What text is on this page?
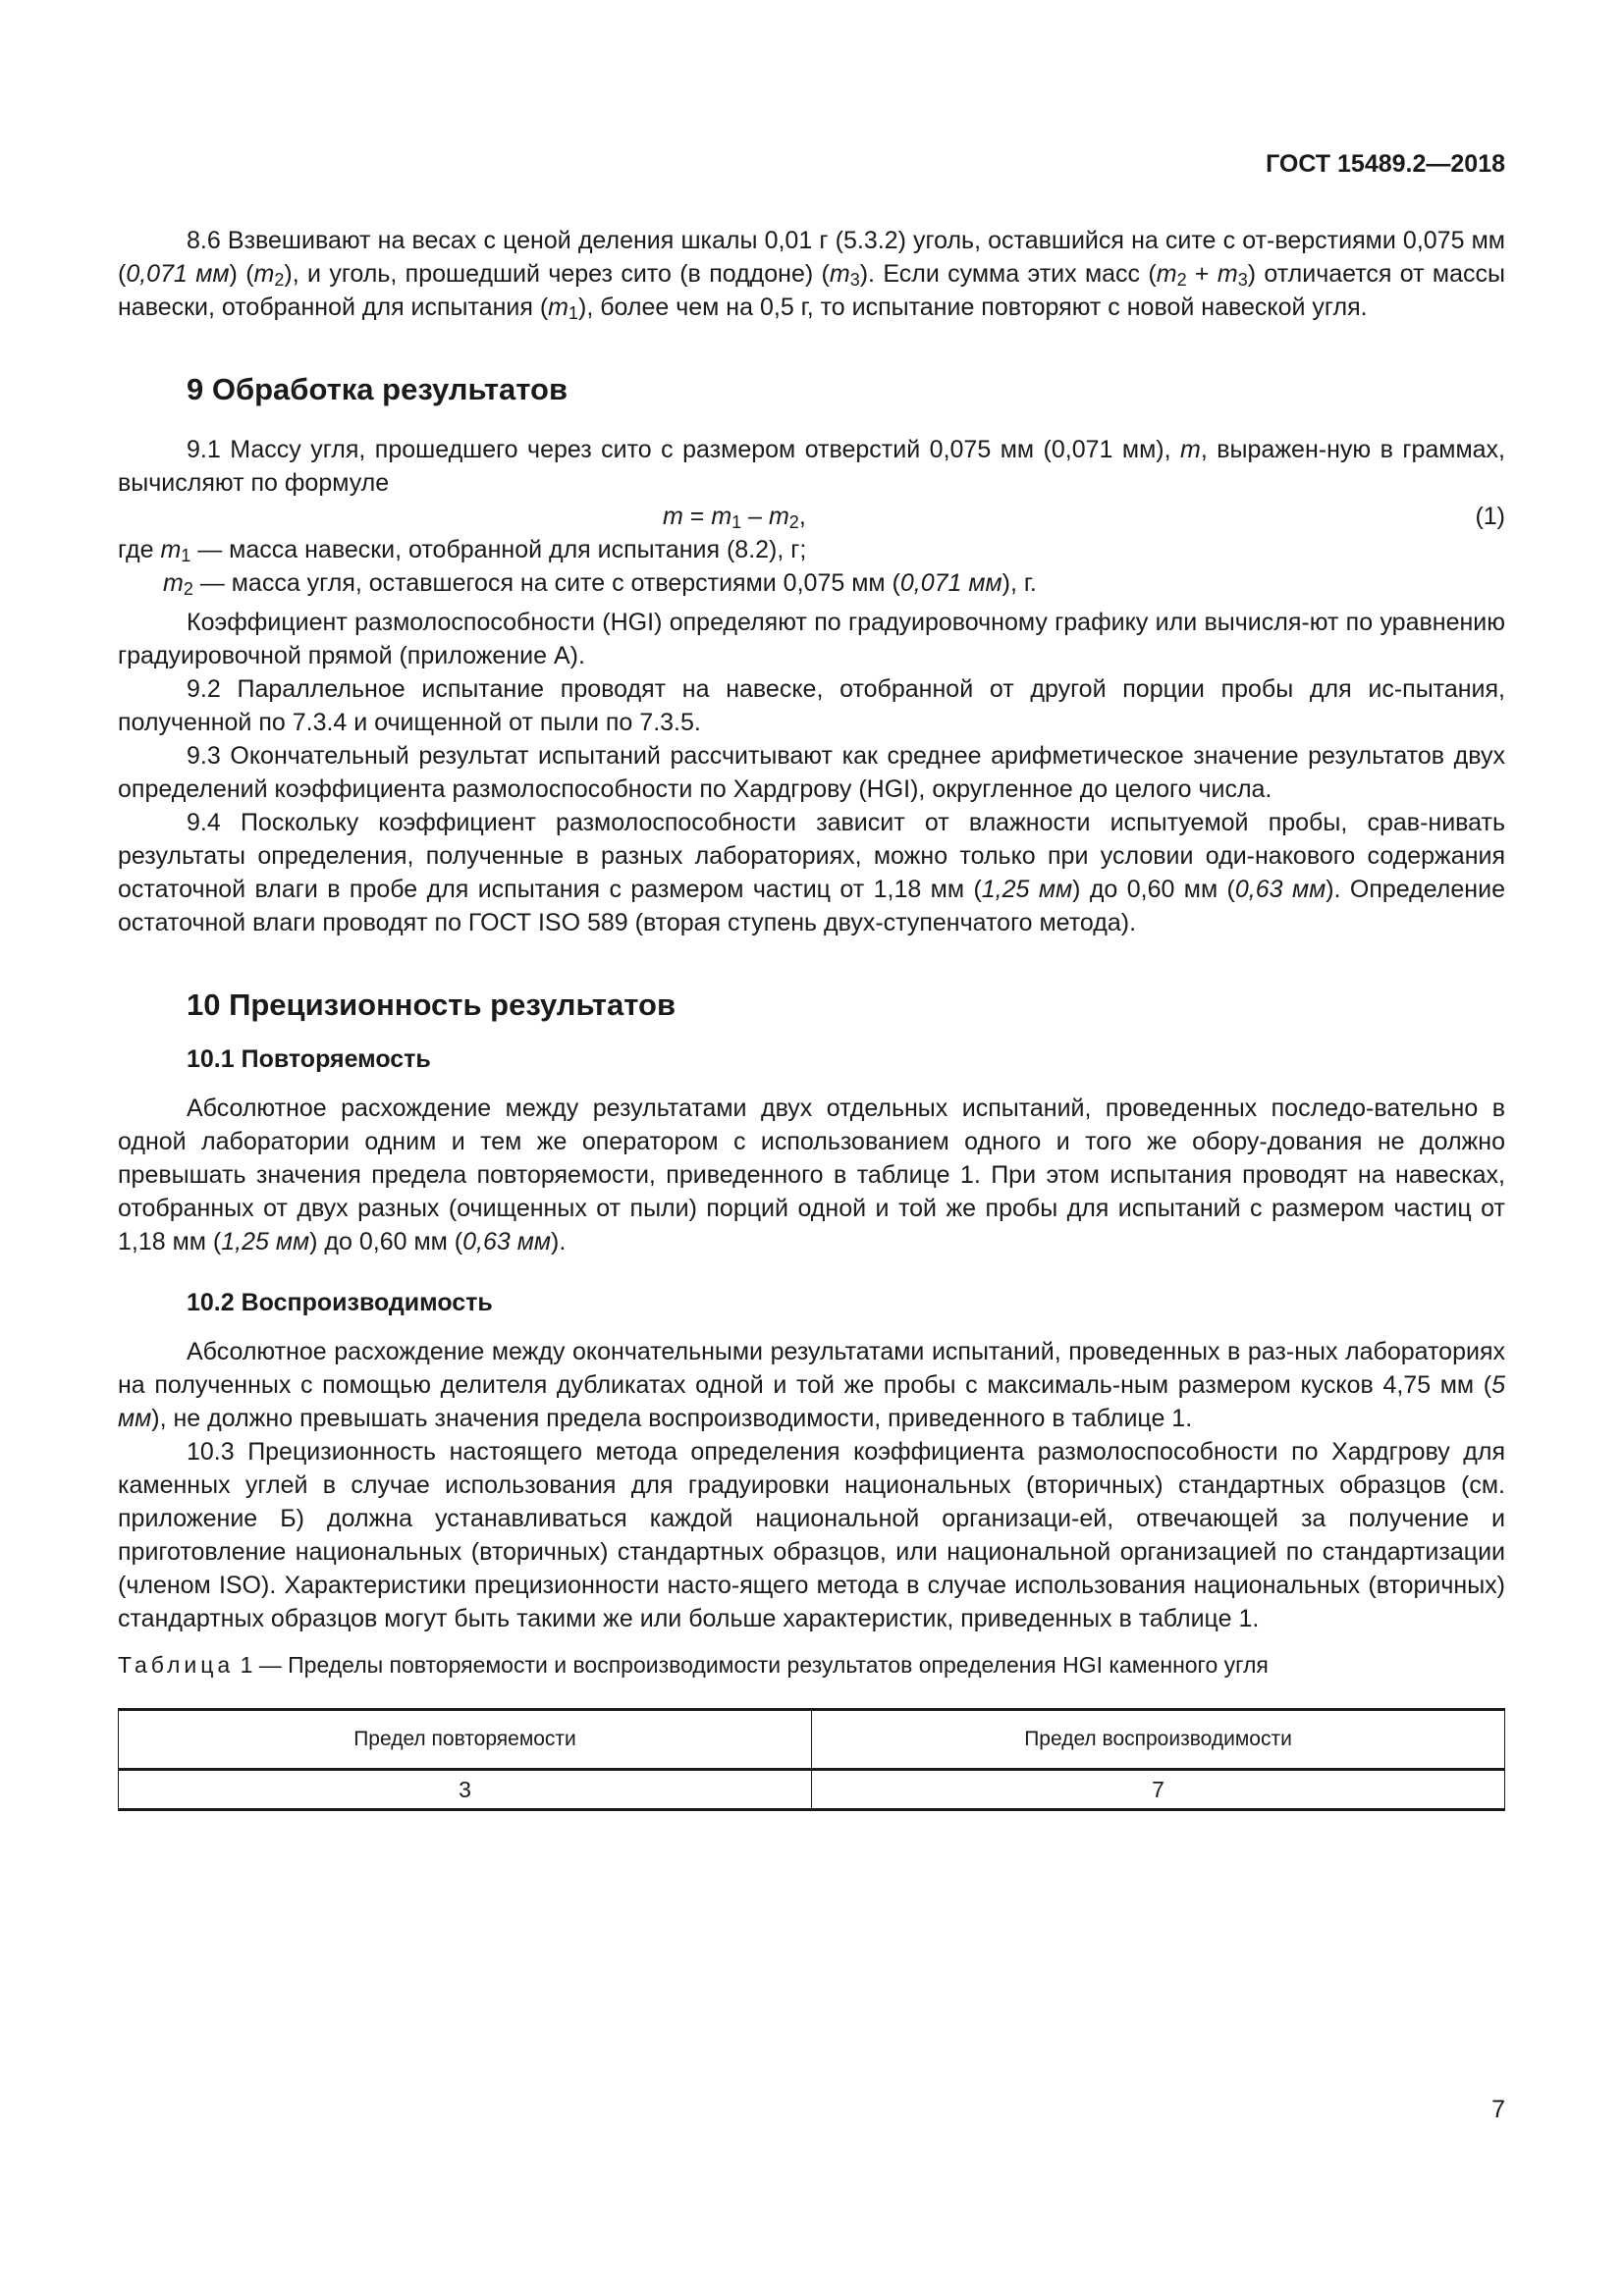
ГОСТ 15489.2—2018

8.6 Взвешивают на весах с ценой деления шкалы 0,01 г (5.3.2) уголь, оставшийся на сите с от-верстиями 0,075 мм (0,071 мм) $(m_2)$, и уголь, прошедший через сито (в поддоне) $(m_3)$. Если сумма этих масс $(m_2 + m_3)$ отличается от массы навески, отобранной для испытания $(m_1)$, более чем на 0,5 г, то испытание повторяют с новой навеской угля.

9 Обработка результатов

9.1 Массу угля, прошедшего через сито с размером отверстий 0,075 мм (0,071 мм), m, выражен-ную в граммах, вычисляют по формуле

$m = m_1 - m_2$,	(1)

где $m_1$ — масса навески, отобранной для испытания (8.2), г;

$m_2$ — масса угля, оставшегося на сите с отверстиями 0,075 мм (0,071 мм), г.

Коэффициент размолоспособности (HGI) определяют по градуировочному графику или вычисля-ют по уравнению градуировочной прямой (приложение А).

9.2 Параллельное испытание проводят на навеске, отобранной от другой порции пробы для ис-пытания, полученной по 7.3.4 и очищенной от пыли по 7.3.5.

9.3 Окончательный результат испытаний рассчитывают как среднее арифметическое значение результатов двух определений коэффициента размолоспособности по Хардгрову (HGI), округленное до целого числа.

9.4 Поскольку коэффициент размолоспособности зависит от влажности испытуемой пробы, срав-нивать результаты определения, полученные в разных лабораториях, можно только при условии оди-накового содержания остаточной влаги в пробе для испытания с размером частиц от 1,18 мм (1,25 мм) до 0,60 мм (0,63 мм). Определение остаточной влаги проводят по ГОСТ ISO 589 (вторая ступень двух-ступенчатого метода).

10 Прецизионность результатов
10.1 Повторяемость

Абсолютное расхождение между результатами двух отдельных испытаний, проведенных последо-вательно в одной лаборатории одним и тем же оператором с использованием одного и того же обору-дования не должно превышать значения предела повторяемости, приведенного в таблице 1. При этом испытания проводят на навесках, отобранных от двух разных (очищенных от пыли) порций одной и той же пробы для испытаний с размером частиц от 1,18 мм (1,25 мм) до 0,60 мм (0,63 мм).

10.2 Воспроизводимость

Абсолютное расхождение между окончательными результатами испытаний, проведенных в раз-ных лабораториях на полученных с помощью делителя дубликатах одной и той же пробы с максималь-ным размером кусков 4,75 мм (5 мм), не должно превышать значения предела воспроизводимости, приведенного в таблице 1.

10.3 Прецизионность настоящего метода определения коэффициента размолоспособности по Хардгрову для каменных углей в случае использования для градуировки национальных (вторичных) стандартных образцов (см. приложение Б) должна устанавливаться каждой национальной организаци-ей, отвечающей за получение и приготовление национальных (вторичных) стандартных образцов, или национальной организацией по стандартизации (членом ISO). Характеристики прецизионности насто-ящего метода в случае использования национальных (вторичных) стандартных образцов могут быть такими же или больше характеристик, приведенных в таблице 1.

Таблица 1 — Пределы повторяемости и воспроизводимости результатов определения HGI каменного угля

Предел повторяемости	Предел воспроизводимости
3	7
7
